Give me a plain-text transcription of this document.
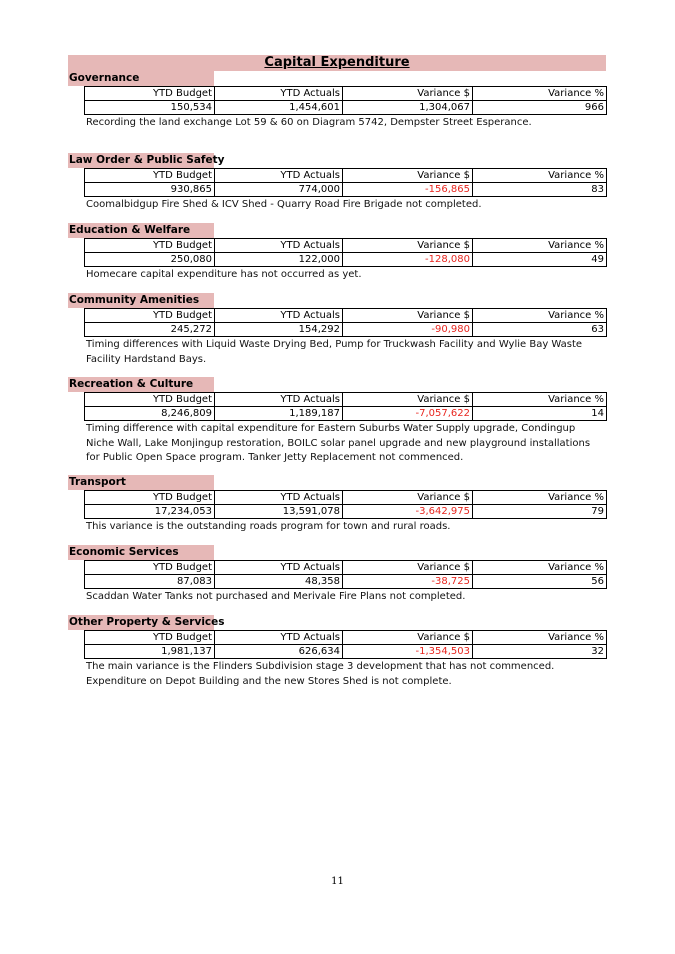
Capital Expenditure
Governance
YTD Budget	YTD Actuals	Variance $	Variance %
150,534	1,454,601	1,304,067	966
Recording the land exchange Lot 59 & 60 on Diagram 5742, Dempster Street Esperance.
Law Order & Public Safety
YTD Budget	YTD Actuals	Variance $	Variance %
930,865	774,000	-156,865	83
Coomalbidgup Fire Shed & ICV Shed - Quarry Road Fire Brigade not completed.
Education & Welfare
YTD Budget	YTD Actuals	Variance $	Variance %
250,080	122,000	-128,080	49
Homecare capital expenditure has not occurred as yet.
Community Amenities
YTD Budget	YTD Actuals	Variance $	Variance %
245,272	154,292	-90,980	63
Timing differences with Liquid Waste Drying Bed, Pump for Truckwash Facility and Wylie Bay Waste Facility Hardstand Bays.
Recreation & Culture
YTD Budget	YTD Actuals	Variance $	Variance %
8,246,809	1,189,187	-7,057,622	14
Timing difference with capital expenditure for Eastern Suburbs Water Supply upgrade, Condingup Niche Wall, Lake Monjingup restoration, BOILC solar panel upgrade and new playground installations for Public Open Space program. Tanker Jetty Replacement not commenced.
Transport
YTD Budget	YTD Actuals	Variance $	Variance %
17,234,053	13,591,078	-3,642,975	79
This variance is the outstanding roads program for town and rural roads.
Economic Services
YTD Budget	YTD Actuals	Variance $	Variance %
87,083	48,358	-38,725	56
Scaddan Water Tanks not purchased and Merivale Fire Plans not completed.
Other Property & Services
YTD Budget	YTD Actuals	Variance $	Variance %
1,981,137	626,634	-1,354,503	32
The main variance is the Flinders Subdivision stage 3 development that has not commenced. Expenditure on Depot Building and the new Stores Shed is not complete.
11
